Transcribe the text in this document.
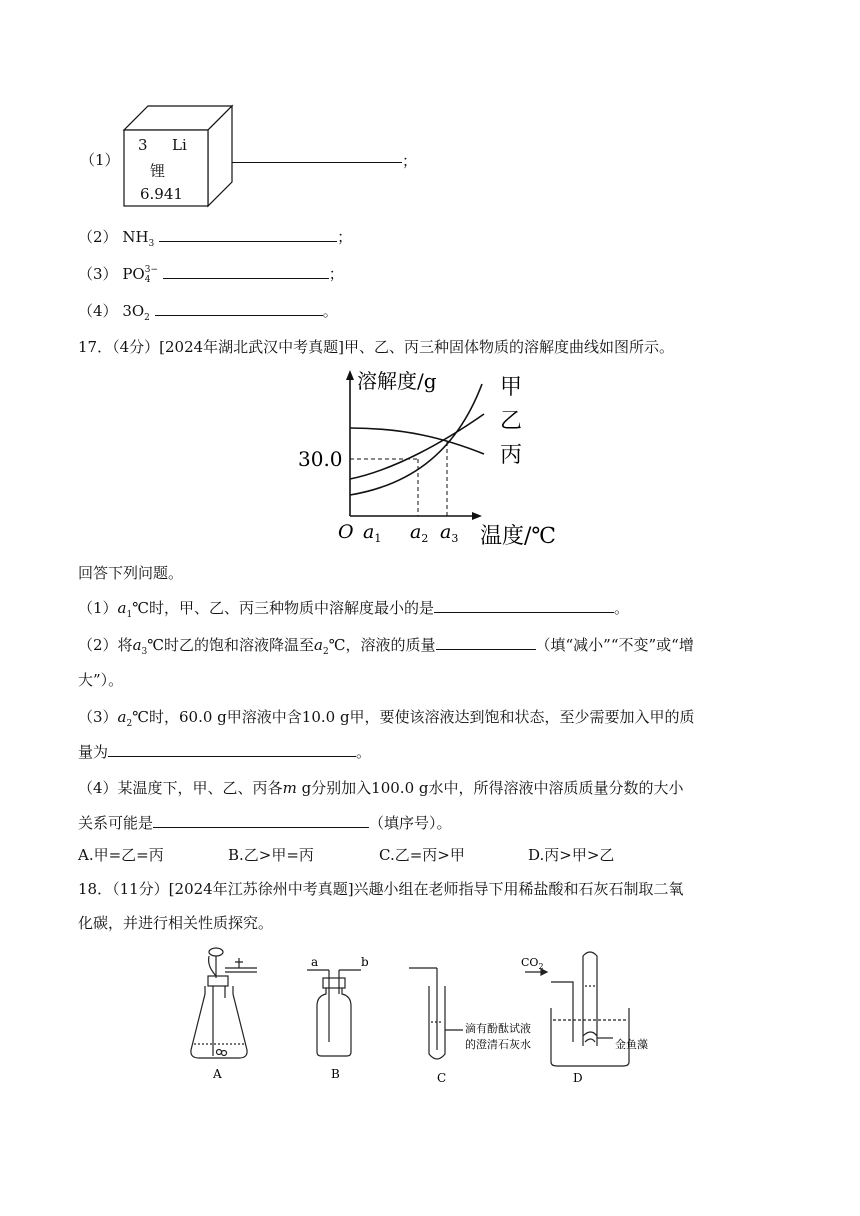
（1）
3 Li
锂
6.941
；
（2） $NH_3$	；
（3） PO 3−
4	；
（4） $3O_2$	。
17．（4分）[2024年湖北武汉中考真题]甲、乙、丙三种固体物质的溶解度曲线如图所示。
溶解度/g
30.0
O $a_1$ $a_2$ $a_3$ 温度/℃
甲
乙
丙
回答下列问题。
$(1)a_1℃$时，甲、乙、丙三种物质中溶解度最小的是	。
（2）将$a_3℃$时乙的饱和溶液降温至$a_2℃$，溶液的质量	（填“减小”“不变”或“增
大”）。
$(3)a_2℃$时，60.0 g甲溶液中含10.0 g甲，要使该溶液达到饱和状态，至少需要加入甲的质
量为	。
（4）某温度下，甲、乙、丙各m g分别加入100.0 g水中，所得溶液中溶质质量分数的大小
关系可能是	（填序号）。
A.甲=乙=丙	B.乙>甲=丙	C.乙=丙>甲	D.丙>甲>乙
18．（11分）[2024年江苏徐州中考真题]兴趣小组在老师指导下用稀盐酸和石灰石制取二氧
化碳，并进行相关性质探究。
A	B	C	D
a	b
滴有酚酞试液
的澄清石灰水
$CO_2$
金鱼藻
